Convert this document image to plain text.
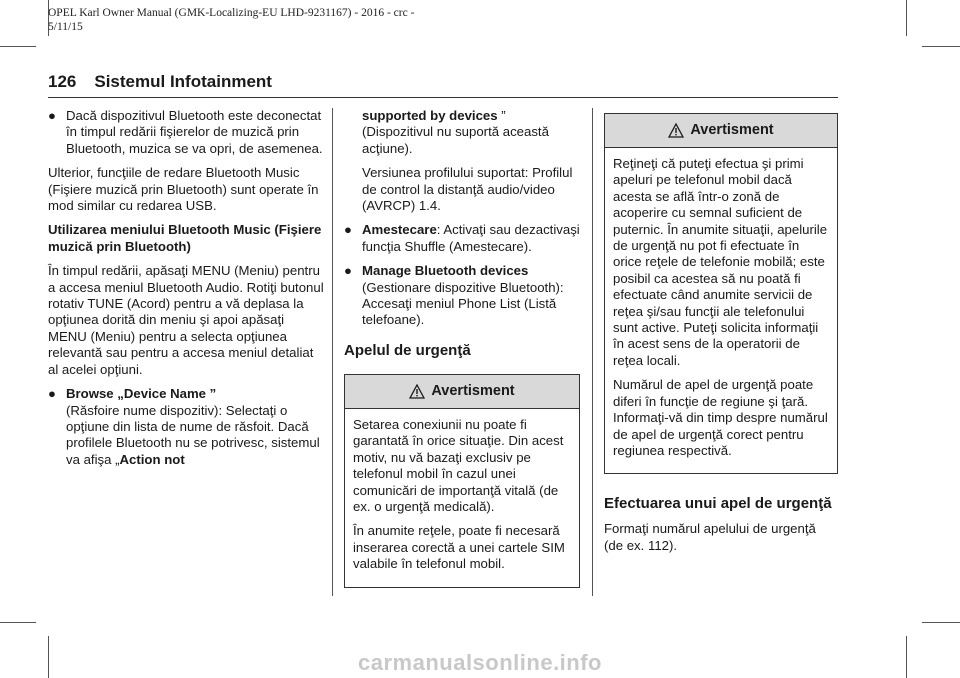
OPEL Karl Owner Manual (GMK-Localizing-EU LHD-9231167) - 2016 - crc -
5/11/15
126 Sistemul Infotainment
● Dacă dispozitivul Bluetooth este deconectat în timpul redării fişierelor de muzică prin Bluetooth, muzica se va opri, de asemenea.

Ulterior, funcţiile de redare Bluetooth Music (Fişiere muzică prin Bluetooth) sunt operate în mod similar cu redarea USB.

Utilizarea meniului Bluetooth Music (Fişiere muzică prin Bluetooth)

În timpul redării, apăsaţi MENU (Meniu) pentru a accesa meniul Bluetooth Audio. Rotiţi butonul rotativ TUNE (Acord) pentru a vă deplasa la opţiunea dorită din meniu şi apoi apăsaţi MENU (Meniu) pentru a selecta opţiunea relevantă sau pentru a accesa meniul detaliat al acelei opţiuni.

● Browse „Device Name ”
(Răsfoire nume dispozitiv): Selectaţi o opţiune din lista de nume de răsfoit. Dacă profilele Bluetooth nu se potrivesc, sistemul va afişa „Action not

supported by devices ” (Dispozitivul nu suportă această acţiune).

Versiunea profilului suportat: Profilul de control la distanţă audio/video (AVRCP) 1.4.

● Amestecare: Activaţi sau dezactivaşi funcţia Shuffle (Amestecare).
● Manage Bluetooth devices
(Gestionare dispozitive Bluetooth): Accesaţi meniul Phone List (Listă telefoane).
Apelul de urgenţă
Avertisment

Setarea conexiunii nu poate fi garantată în orice situaţie. Din acest motiv, nu vă bazaţi exclusiv pe telefonul mobil în cazul unei comunicări de importanţă vitală (de ex. o urgenţă medicală).

În anumite reţele, poate fi necesară inserarea corectă a unei cartele SIM valabile în telefonul mobil.

Avertisment

Reţineţi că puteţi efectua şi primi apeluri pe telefonul mobil dacă acesta se află într-o zonă de acoperire cu semnal suficient de puternic. În anumite situaţii, apelurile de urgenţă nu pot fi efectuate în orice reţele de telefonie mobilă; este posibil ca acestea să nu poată fi efectuate când anumite servicii de reţea şi/sau funcţii ale telefonului sunt active. Puteţi solicita informaţii în acest sens de la operatorii de reţea locali.

Numărul de apel de urgenţă poate diferi în funcţie de regiune şi ţară. Informaţi-vă din timp despre numărul de apel de urgenţă corect pentru regiunea respectivă.

Efectuarea unui apel de urgenţă

Formaţi numărul apelului de urgenţă (de ex. 112).

carmanualsonline.info
